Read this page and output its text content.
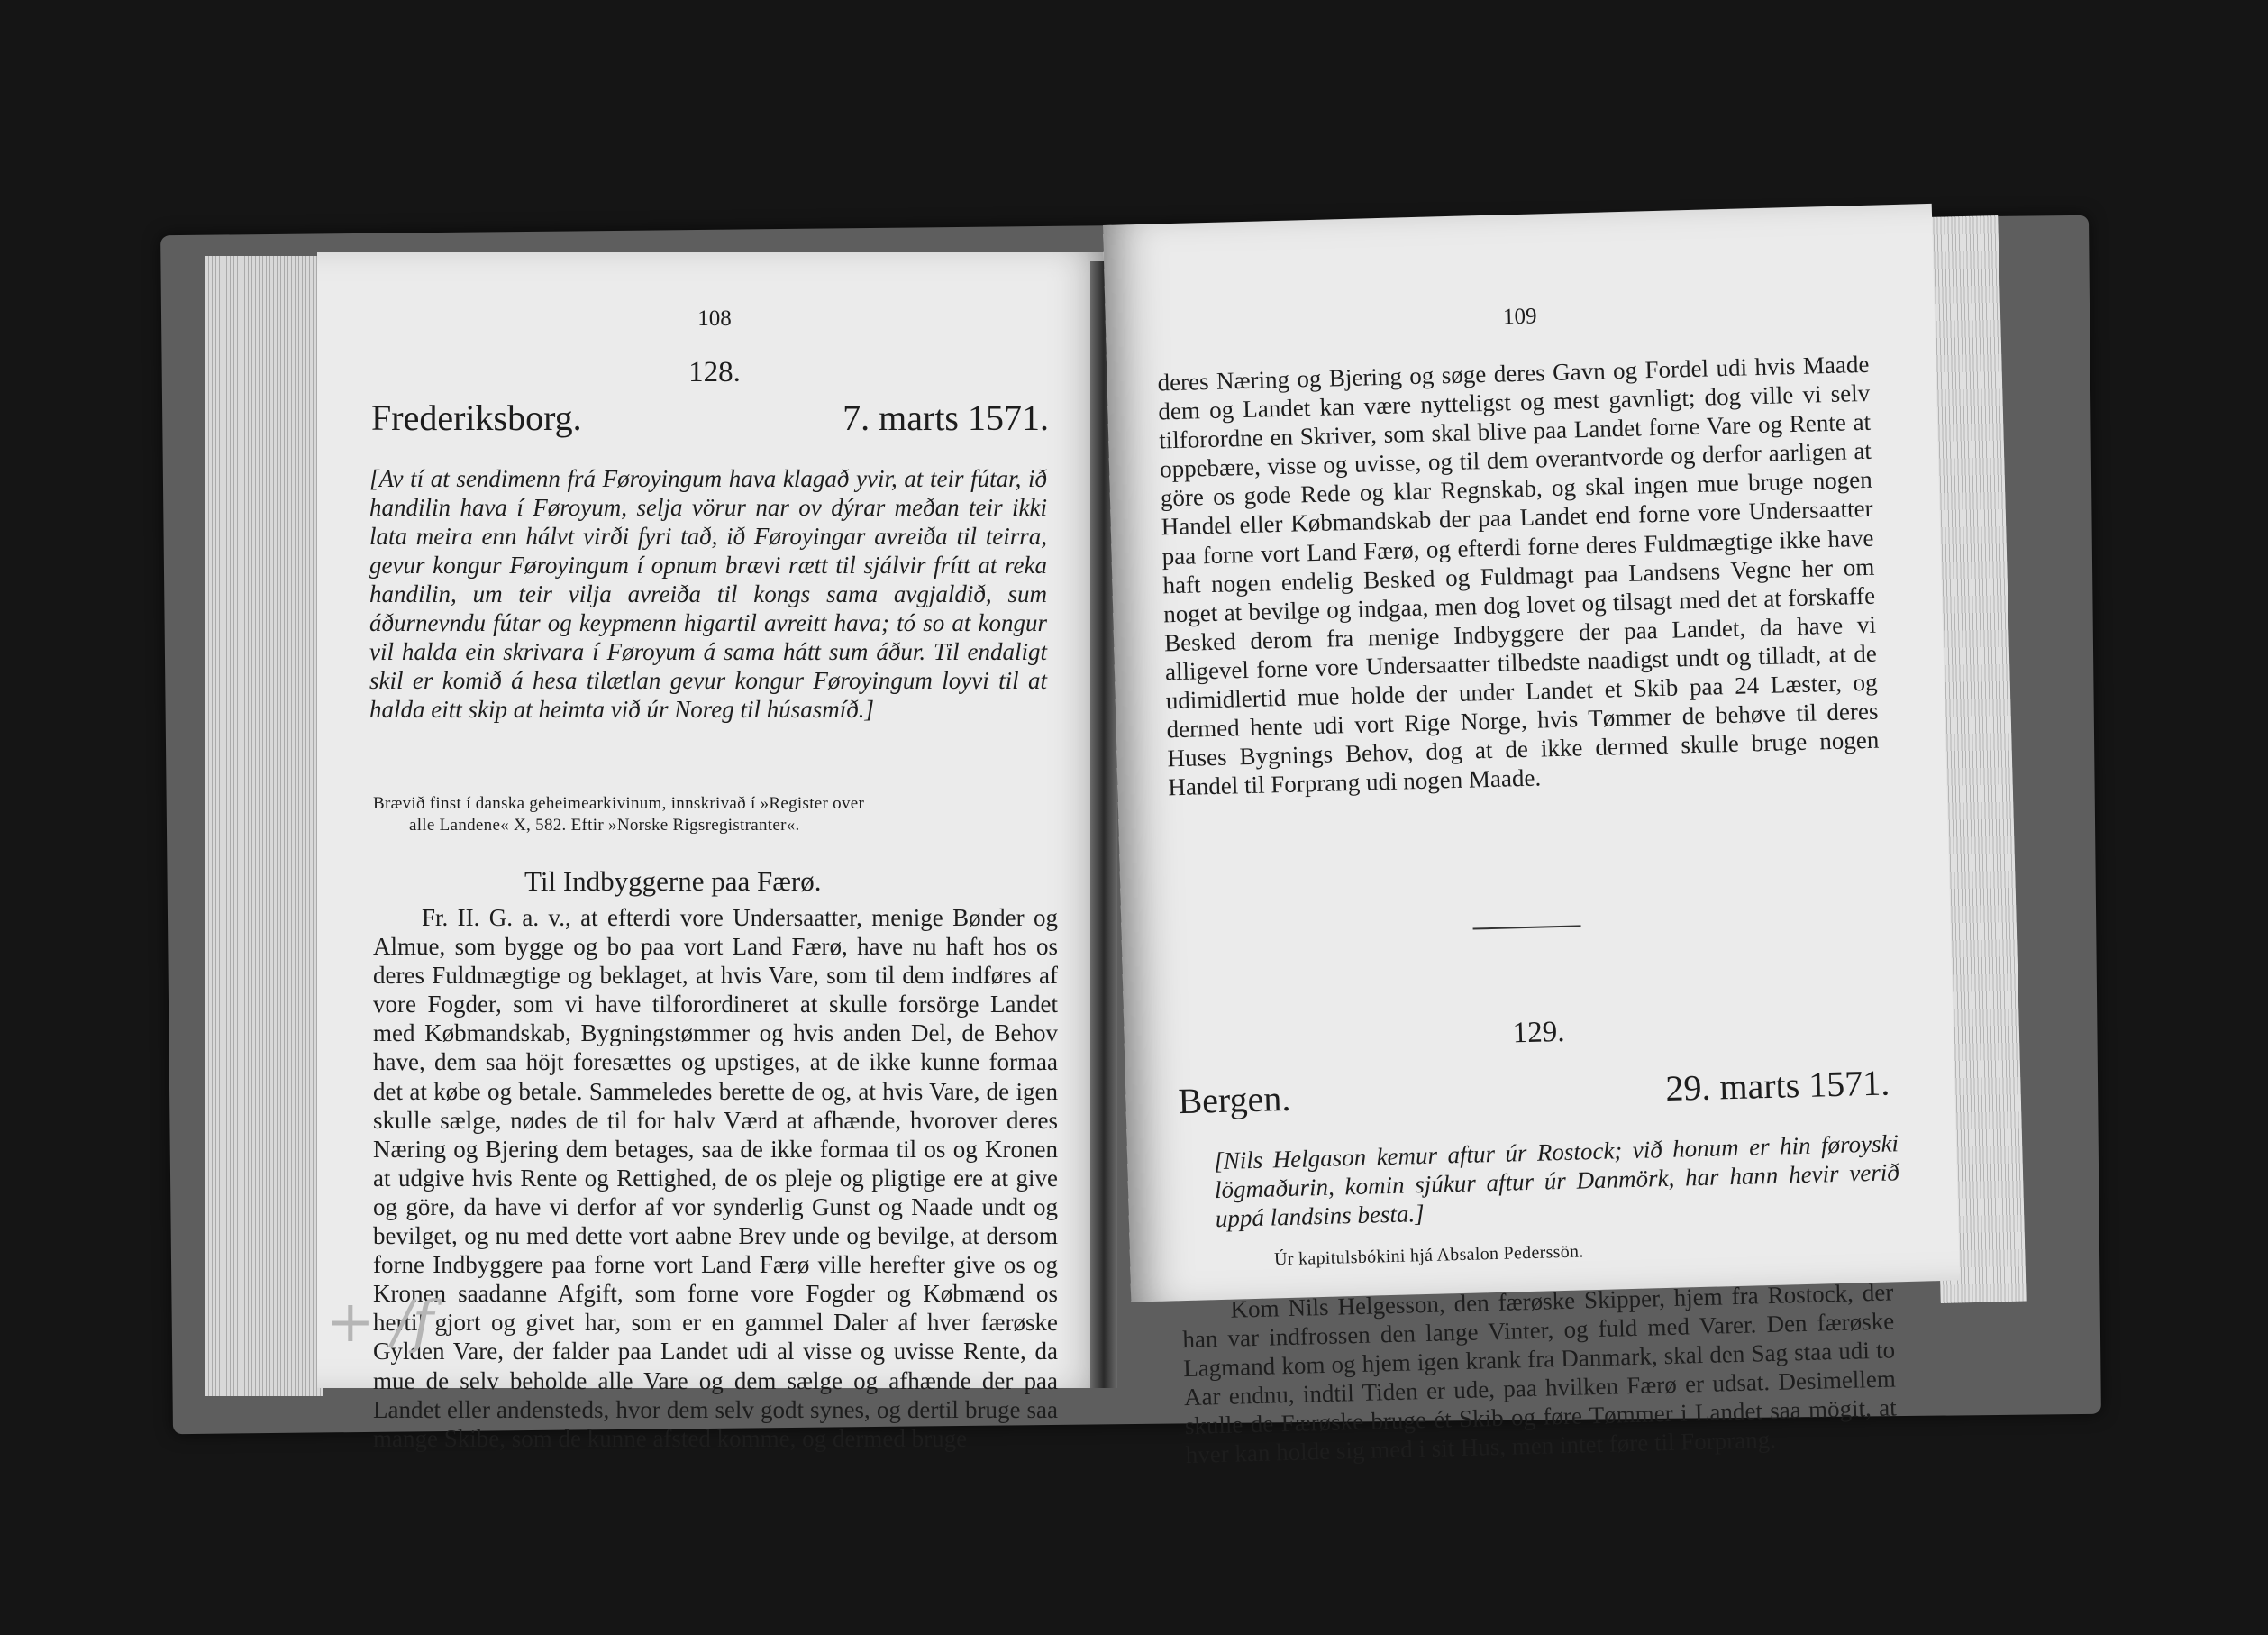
108
128.
Frederiksborg.	7. marts 1571.

[Av tí at sendimenn frá Føroyingum hava klagað yvir, at teir fútar, ið handilin hava í Føroyum, selja vörur nar ov dýrar meðan teir ikki lata meira enn hálvt virði fyri tað, ið Føroyingar avreiða til teirra, gevur kongur Føroyingum í opnum brævi rætt til sjálvir frítt at reka handilin, um teir vilja avreiða til kongs sama avgjaldið, sum áðurnevndu fútar og keypmenn higartil avreitt hava; tó so at kongur vil halda ein skrivara í Føroyum á sama hátt sum áður. Til endaligt skil er komið á hesa tilætlan gevur kongur Føroyingum loyvi til at halda eitt skip at heimta við úr Noreg til húsasmíð.]

Brævið finst í danska geheimearkivinum, innskrivað í »Register over

alle Landene« X, 582. Eftir »Norske Rigsregistranter«.

Til Indbyggerne paa Færø.

Fr. II. G. a. v., at efterdi vore Undersaatter, menige Bønder og Almue, som bygge og bo paa vort Land Færø, have nu haft hos os deres Fuldmægtige og beklaget, at hvis Vare, som til dem indføres af vore Fogder, som vi have tilforordineret at skulle forsörge Landet med Købmandskab, Bygningstømmer og hvis anden Del, de Behov have, dem saa höjt foresættes og upstiges, at de ikke kunne formaa det at købe og betale. Sammeledes berette de og, at hvis Vare, de igen skulle sælge, nødes de til for halv Værd at afhænde, hvorover deres Næring og Bjering dem betages, saa de ikke formaa til os og Kronen at udgive hvis Rente og Rettighed, de os pleje og pligtige ere at give og göre, da have vi derfor af vor synderlig Gunst og Naade undt og bevilget, og nu med dette vort aabne Brev unde og bevilge, at dersom forne Indbyggere paa forne vort Land Færø ville herefter give os og Kronen saadanne Afgift, som forne vore Fogder og Købmænd os hertil gjort og givet har, som er en gammel Daler af hver færøske Gylden Vare, der falder paa Landet udi al visse og uvisse Rente, da mue de selv beholde alle Vare og dem sælge og afhænde der paa Landet eller andensteds, hvor dem selv godt synes, og dertil bruge saa mange Skibe, som de kunne afsted komme, og dermed bruge

+ /f
109

deres Næring og Bjering og søge deres Gavn og Fordel udi hvis Maade dem og Landet kan være nytteligst og mest gavnligt; dog ville vi selv tilforordne en Skriver, som skal blive paa Landet forne Vare og Rente at oppebære, visse og uvisse, og til dem overantvorde og derfor aarligen at göre os gode Rede og klar Regnskab, og skal ingen mue bruge nogen Handel eller Købmandskab der paa Landet end forne vore Undersaatter paa forne vort Land Færø, og efterdi forne deres Fuldmægtige ikke have haft nogen endelig Besked og Fuldmagt paa Landsens Vegne her om noget at bevilge og indgaa, men dog lovet og tilsagt med det at forskaffe Besked derom fra menige Indbyggere der paa Landet, da have vi alligevel forne vore Undersaatter tilbedste naadigst undt og tilladt, at de udimidlertid mue holde der under Landet et Skib paa 24 Læster, og dermed hente udi vort Rige Norge, hvis Tømmer de behøve til deres Huses Bygnings Behov, dog at de ikke dermed skulle bruge nogen Handel til Forprang udi nogen Maade.

129.
Bergen.	29. marts 1571.

[Nils Helgason kemur aftur úr Rostock; við honum er hin føroyski lögmaðurin, komin sjúkur aftur úr Danmörk, har hann hevir verið uppá landsins besta.]

Úr kapitulsbókini hjá Absalon Pederssön.

Kom Nils Helgesson, den færøske Skipper, hjem fra Rostock, der han var indfrossen den lange Vinter, og fuld med Varer. Den færøske Lagmand kom og hjem igen krank fra Danmark, skal den Sag staa udi to Aar endnu, indtil Tiden er ude, paa hvilken Færø er udsat. Desimellem skulle de Færøske bruge ét Skib og føre Tømmer i Landet saa mögit, at hver kan holde sig med i sit Hus, men intet føre til Forprang.
